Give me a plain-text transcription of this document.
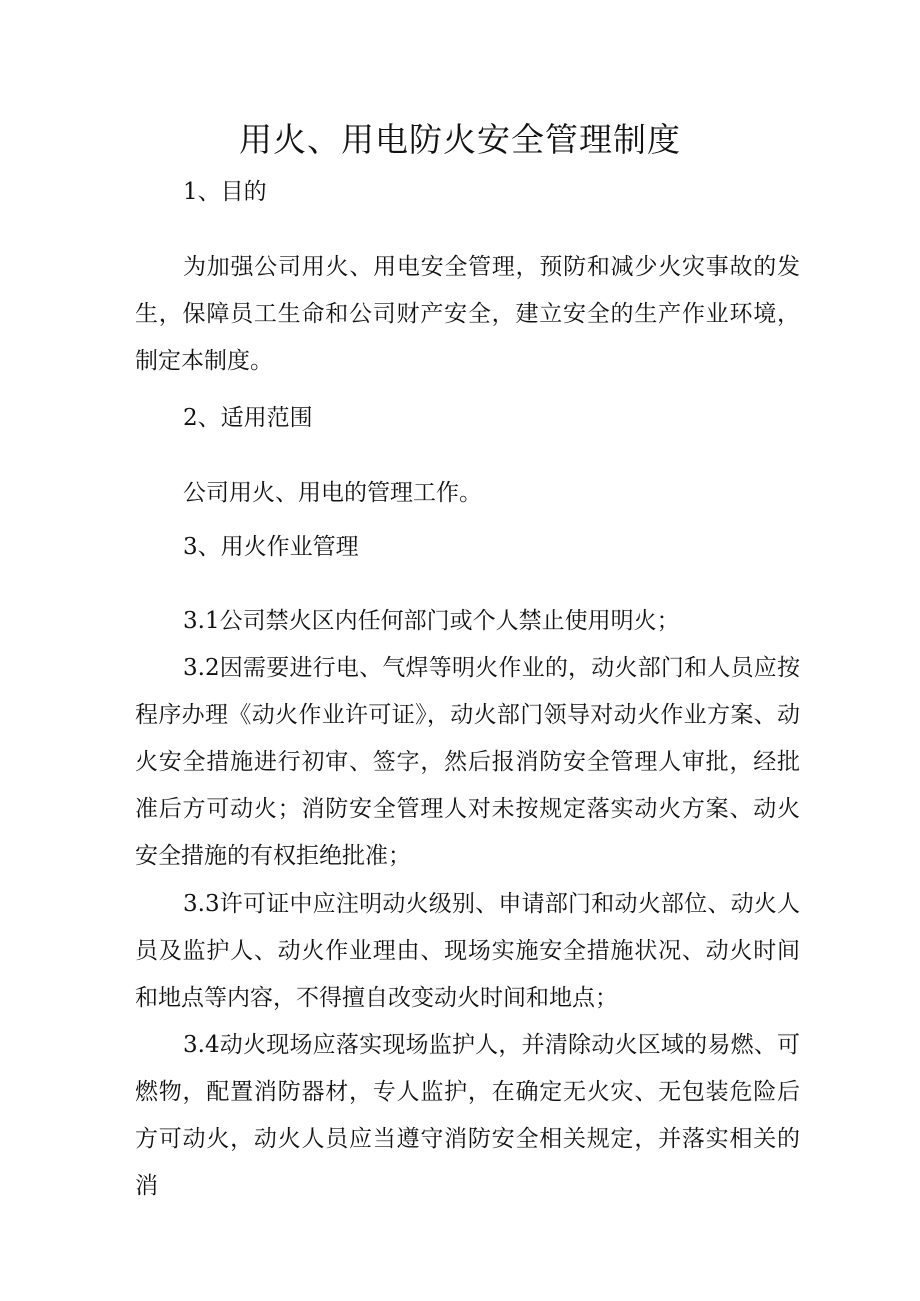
用火、用电防火安全管理制度

1、目的

为加强公司用火、用电安全管理，预防和减少火灾事故的发生，保障员工生命和公司财产安全，建立安全的生产作业环境，制定本制度。

2、适用范围

公司用火、用电的管理工作。

3、用火作业管理

3.1公司禁火区内任何部门或个人禁止使用明火；

3.2因需要进行电、气焊等明火作业的，动火部门和人员应按程序办理《动火作业许可证》，动火部门领导对动火作业方案、动火安全措施进行初审、签字，然后报消防安全管理人审批，经批准后方可动火；消防安全管理人对未按规定落实动火方案、动火安全措施的有权拒绝批准；

3.3许可证中应注明动火级别、申请部门和动火部位、动火人员及监护人、动火作业理由、现场实施安全措施状况、动火时间和地点等内容，不得擅自改变动火时间和地点；

3.4动火现场应落实现场监护人，并清除动火区域的易燃、可燃物，配置消防器材，专人监护，在确定无火灾、无包装危险后方可动火，动火人员应当遵守消防安全相关规定，并落实相关的消
